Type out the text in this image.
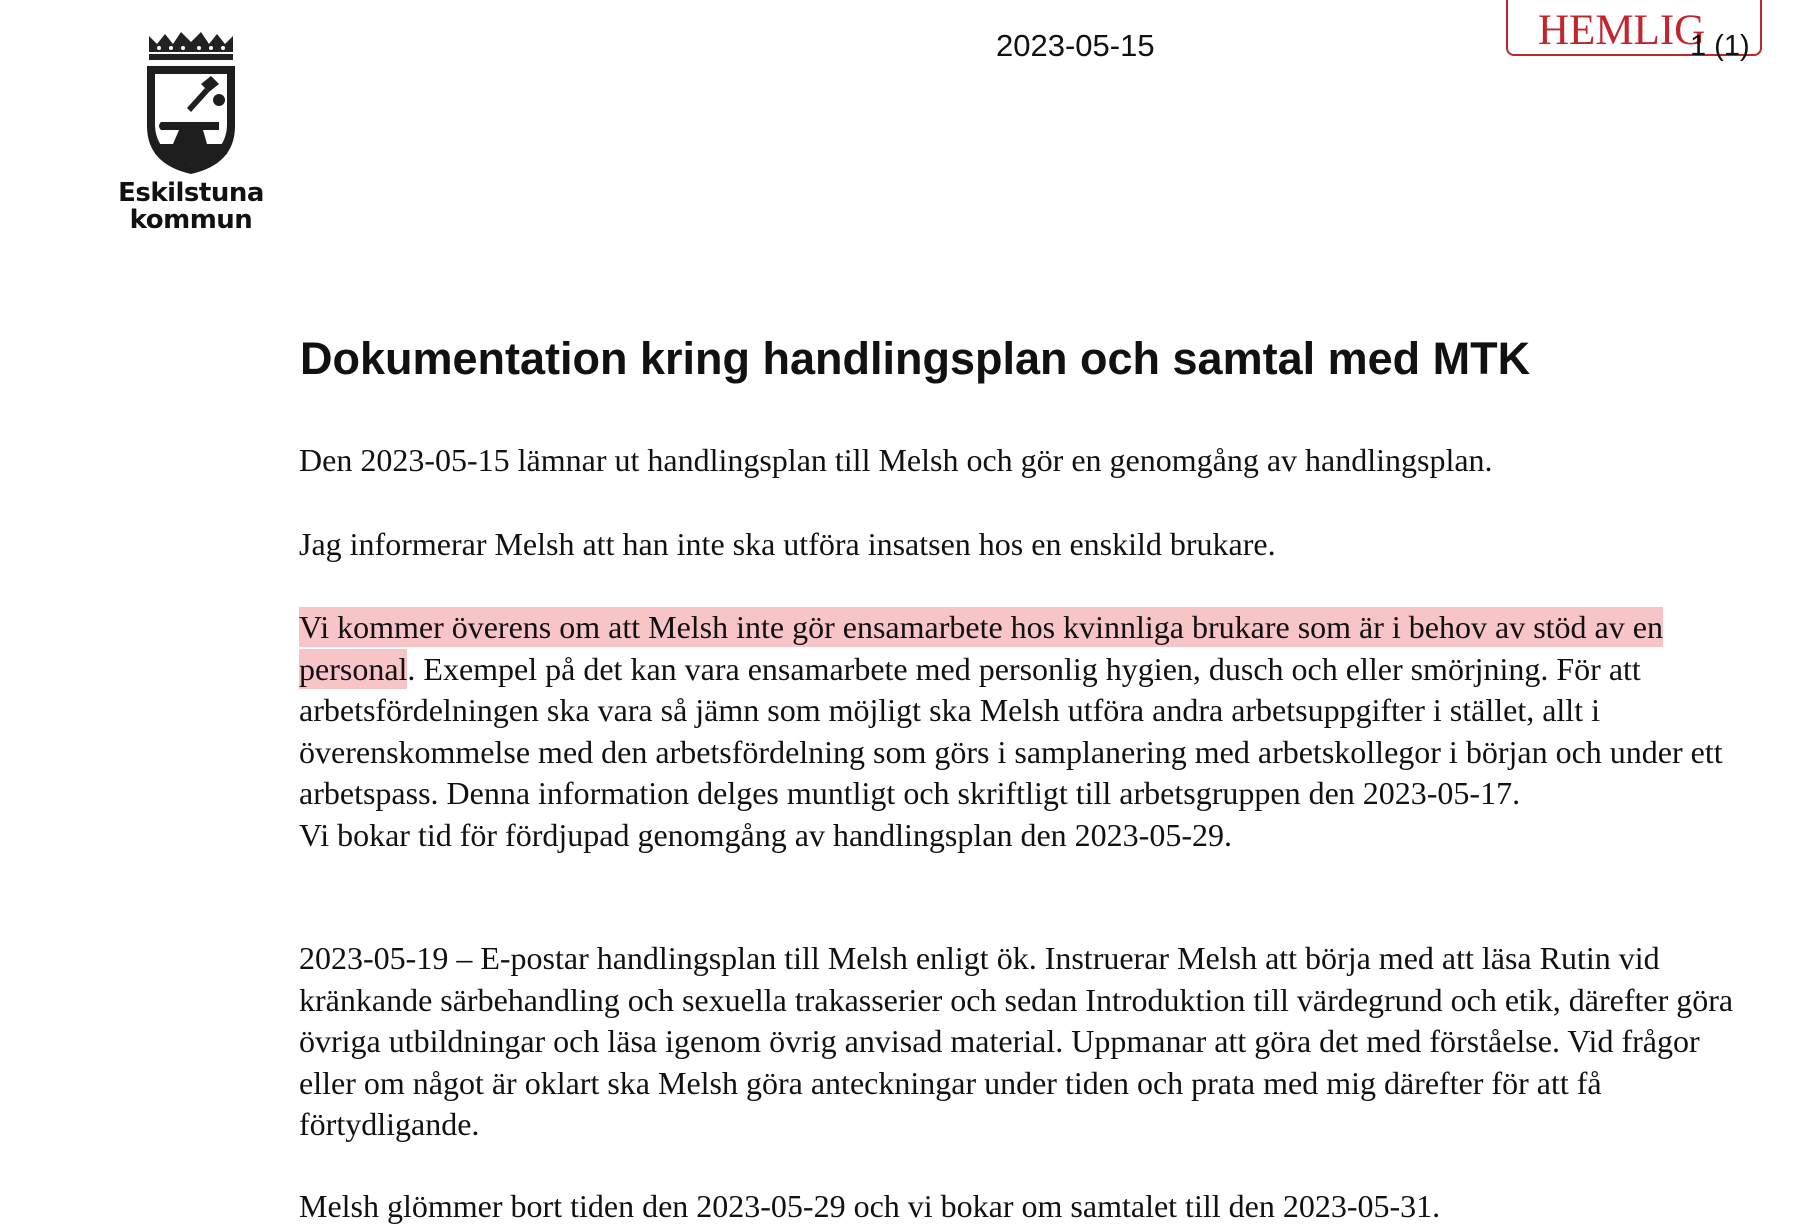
Eskilstuna
kommun
2023-05-15	HEMLIG
1 (1)
Dokumentation kring handlingsplan och samtal med MTK

Den 2023-05-15 lämnar ut handlingsplan till Melsh och gör en genomgång av handlingsplan.

Jag informerar Melsh att han inte ska utföra insatsen hos en enskild brukare.

Vi kommer överens om att Melsh inte gör ensamarbete hos kvinnliga brukare som är i behov av stöd av en personal. Exempel på det kan vara ensamarbete med personlig hygien, dusch och eller smörjning. För att arbetsfördelningen ska vara så jämn som möjligt ska Melsh utföra andra arbetsuppgifter i stället, allt i överenskommelse med den arbetsfördelning som görs i samplanering med arbetskollegor i början och under ett arbetspass. Denna information delges muntligt och skriftligt till arbetsgruppen den 2023-05-17.

Vi bokar tid för fördjupad genomgång av handlingsplan den 2023-05-29.

2023-05-19 – E-postar handlingsplan till Melsh enligt ök. Instruerar Melsh att börja med att läsa Rutin vid kränkande särbehandling och sexuella trakasserier och sedan Introduktion till värdegrund och etik, därefter göra övriga utbildningar och läsa igenom övrig anvisad material. Uppmanar att göra det med förståelse. Vid frågor eller om något är oklart ska Melsh göra anteckningar under tiden och prata med mig därefter för att få förtydligande.

Melsh glömmer bort tiden den 2023-05-29 och vi bokar om samtalet till den 2023-05-31.
